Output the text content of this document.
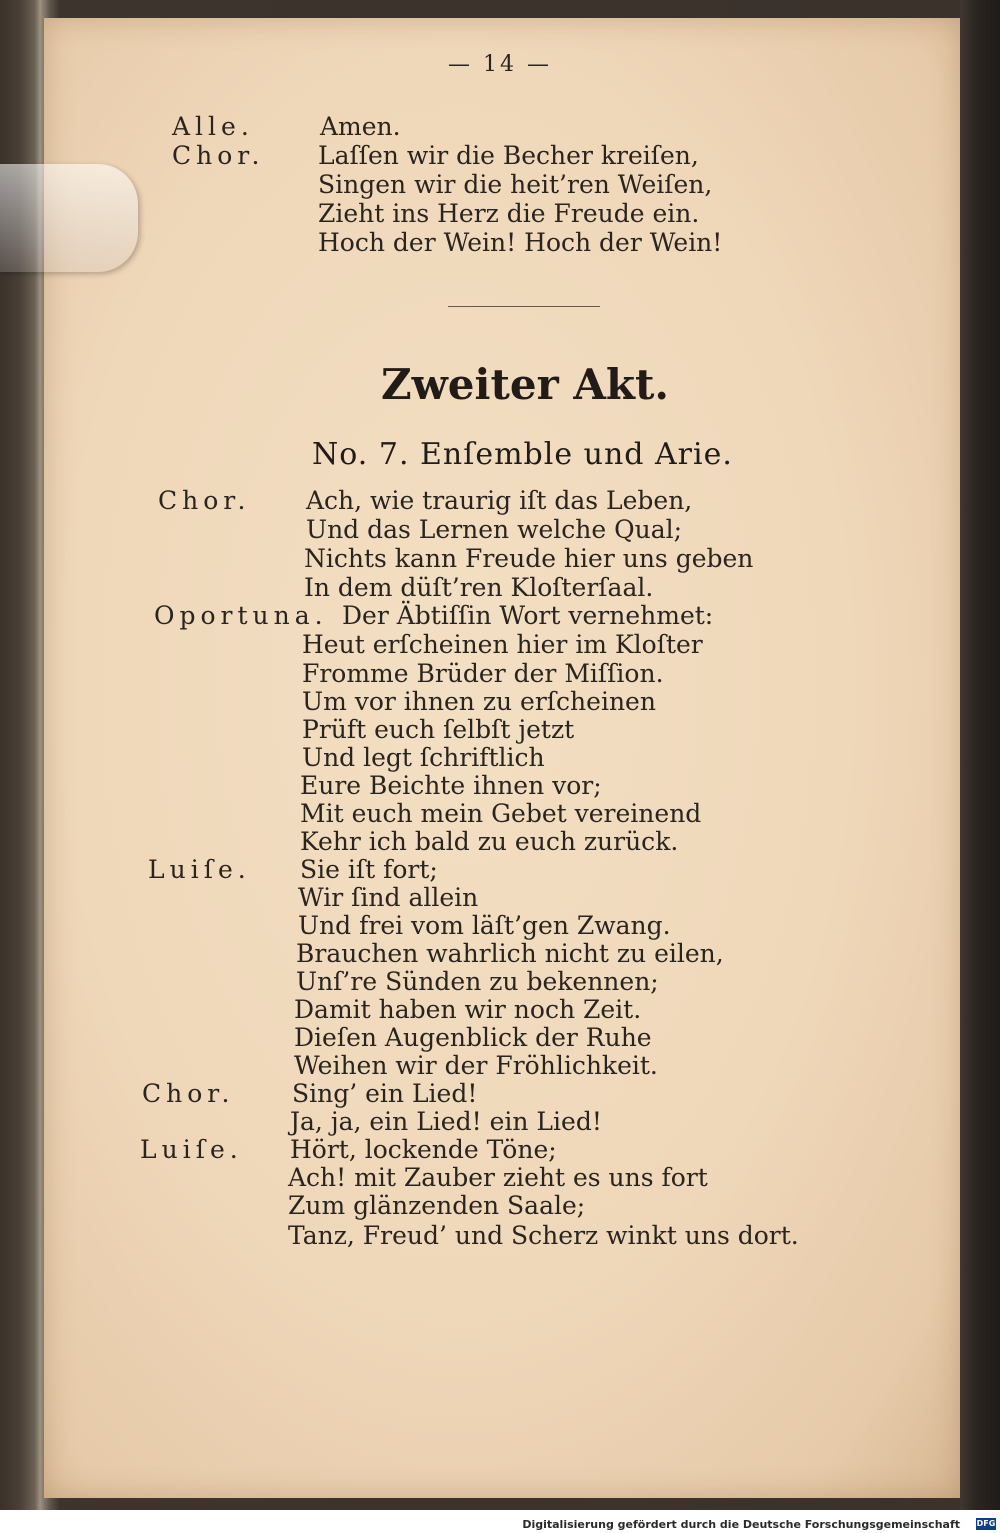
— 14 —
Alle.	Amen.
Chor. Laſſen wir die Becher kreiſen,
Singen wir die heit’ren Weiſen,
Zieht ins Herz die Freude ein.
Hoch der Wein! Hoch der Wein!
Zweiter Akt.
No. 7. Enſemble und Arie.
Chor. Ach, wie traurig iſt das Leben,
Und das Lernen welche Qual;
Nichts kann Freude hier uns geben
In dem düſt’ren Kloſterſaal.
Oportuna. Der Äbtiſſin Wort vernehmet:
Heut erſcheinen hier im Kloſter
Fromme Brüder der Miſſion.
Um vor ihnen zu erſcheinen
Prüft euch ſelbſt jetzt
Und legt ſchriftlich
Eure Beichte ihnen vor;
Mit euch mein Gebet vereinend
Kehr ich bald zu euch zurück.
Luiſe. Sie iſt fort;
Wir ſind allein
Und frei vom läſt’gen Zwang.
Brauchen wahrlich nicht zu eilen,
Unſ’re Sünden zu bekennen;
Damit haben wir noch Zeit.
Dieſen Augenblick der Ruhe
Weihen wir der Fröhlichkeit.
Chor. Sing’ ein Lied!
Ja, ja, ein Lied! ein Lied!
Luiſe. Hört, lockende Töne;
Ach! mit Zauber zieht es uns fort
Zum glänzenden Saale;
Tanz, Freud’ und Scherz winkt uns dort.
Digitalisierung gefördert durch die Deutsche Forschungsgemeinschaft DFG
